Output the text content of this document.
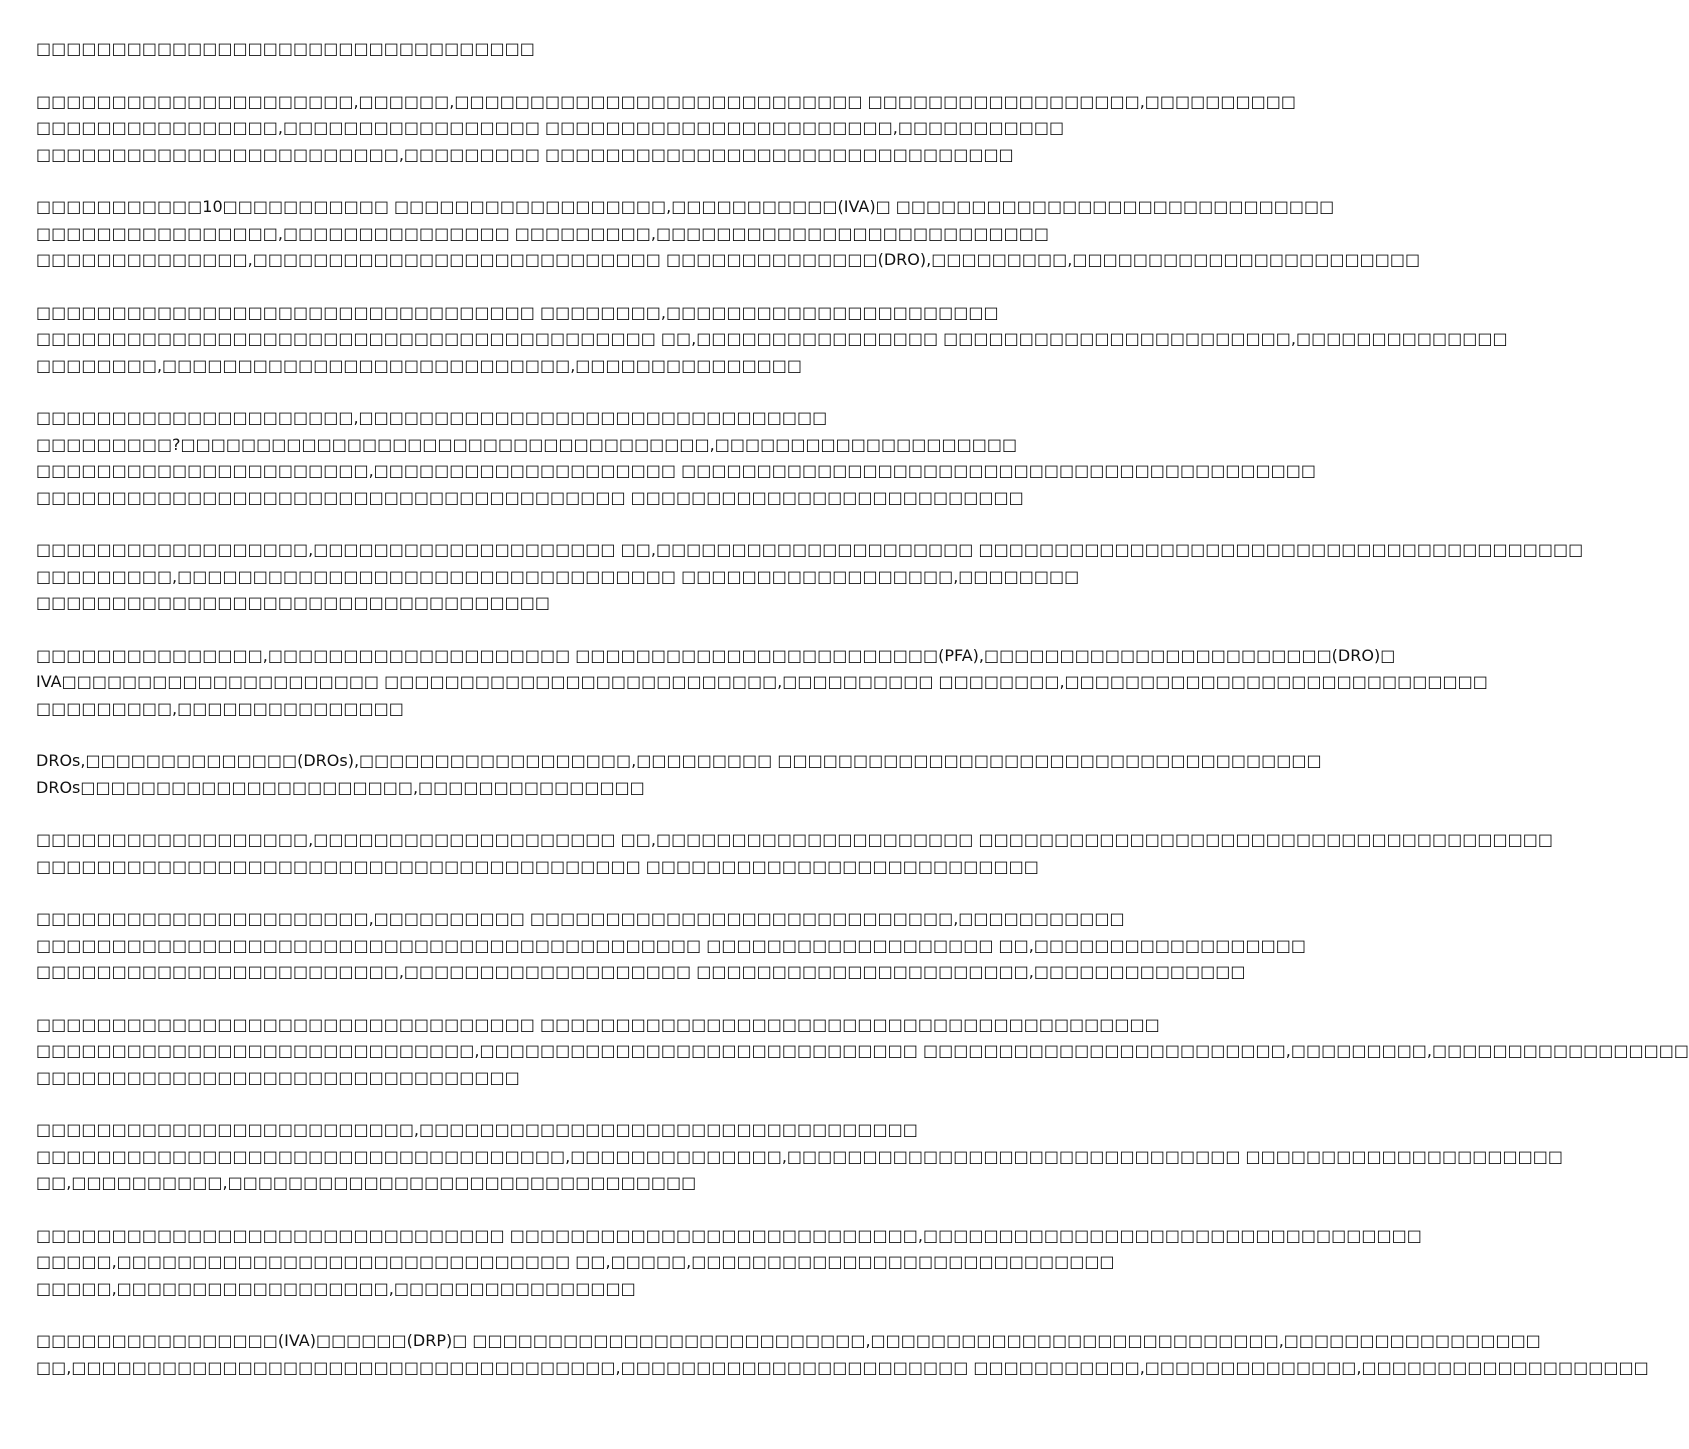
□□□□□□□□□□□□□□□□□□□□□□□□□□□□□□□□□
□□□□□□□□□□□□□□□□□□□□□,□□□□□□,□□□□□□□□□□□□□□□□□□□□□□□□□□□ □□□□□□□□□□□□□□□□□□,□□□□□□□□□□
□□□□□□□□□□□□□□□□,□□□□□□□□□□□□□□□□□ □□□□□□□□□□□□□□□□□□□□□□□,□□□□□□□□□□□
□□□□□□□□□□□□□□□□□□□□□□□□,□□□□□□□□□ □□□□□□□□□□□□□□□□□□□□□□□□□□□□□□□
□□□□□□□□□□□10□□□□□□□□□□□ □□□□□□□□□□□□□□□□□□,□□□□□□□□□□□(IVA)□ □□□□□□□□□□□□□□□□□□□□□□□□□□□□□
□□□□□□□□□□□□□□□□,□□□□□□□□□□□□□□□ □□□□□□□□□,□□□□□□□□□□□□□□□□□□□□□□□□□□
□□□□□□□□□□□□□□,□□□□□□□□□□□□□□□□□□□□□□□□□□□ □□□□□□□□□□□□□□(DRO),□□□□□□□□□,□□□□□□□□□□□□□□□□□□□□□□□
□□□□□□□□□□□□□□□□□□□□□□□□□□□□□□□□□ □□□□□□□□,□□□□□□□□□□□□□□□□□□□□□□
□□□□□□□□□□□□□□□□□□□□□□□□□□□□□□□□□□□□□□□□□ □□,□□□□□□□□□□□□□□□□ □□□□□□□□□□□□□□□□□□□□□□□,□□□□□□□□□□□□□□
□□□□□□□□,□□□□□□□□□□□□□□□□□□□□□□□□□□□,□□□□□□□□□□□□□□□
□□□□□□□□□□□□□□□□□□□□□,□□□□□□□□□□□□□□□□□□□□□□□□□□□□□□□
□□□□□□□□□?□□□□□□□□□□□□□□□□□□□□□□□□□□□□□□□□□□□,□□□□□□□□□□□□□□□□□□□□
□□□□□□□□□□□□□□□□□□□□□□,□□□□□□□□□□□□□□□□□□□□ □□□□□□□□□□□□□□□□□□□□□□□□□□□□□□□□□□□□□□□□□□
□□□□□□□□□□□□□□□□□□□□□□□□□□□□□□□□□□□□□□□ □□□□□□□□□□□□□□□□□□□□□□□□□□
□□□□□□□□□□□□□□□□□□,□□□□□□□□□□□□□□□□□□□□ □□,□□□□□□□□□□□□□□□□□□□□□ □□□□□□□□□□□□□□□□□□□□□□□□□□□□□□□□□□□□□□□□
□□□□□□□□□,□□□□□□□□□□□□□□□□□□□□□□□□□□□□□□□□□ □□□□□□□□□□□□□□□□□□,□□□□□□□□
□□□□□□□□□□□□□□□□□□□□□□□□□□□□□□□□□□
□□□□□□□□□□□□□□□,□□□□□□□□□□□□□□□□□□□□ □□□□□□□□□□□□□□□□□□□□□□□□(PFA),□□□□□□□□□□□□□□□□□□□□□□□(DRO)□
IVA□□□□□□□□□□□□□□□□□□□□□ □□□□□□□□□□□□□□□□□□□□□□□□□□,□□□□□□□□□□ □□□□□□□□,□□□□□□□□□□□□□□□□□□□□□□□□□□□□
□□□□□□□□□,□□□□□□□□□□□□□□□
DROs,□□□□□□□□□□□□□□(DROs),□□□□□□□□□□□□□□□□□□,□□□□□□□□□ □□□□□□□□□□□□□□□□□□□□□□□□□□□□□□□□□□□□
DROs□□□□□□□□□□□□□□□□□□□□□□,□□□□□□□□□□□□□□□
□□□□□□□□□□□□□□□□□□,□□□□□□□□□□□□□□□□□□□□ □□,□□□□□□□□□□□□□□□□□□□□□ □□□□□□□□□□□□□□□□□□□□□□□□□□□□□□□□□□□□□□
□□□□□□□□□□□□□□□□□□□□□□□□□□□□□□□□□□□□□□□□ □□□□□□□□□□□□□□□□□□□□□□□□□□
□□□□□□□□□□□□□□□□□□□□□□,□□□□□□□□□□ □□□□□□□□□□□□□□□□□□□□□□□□□□□□,□□□□□□□□□□□
□□□□□□□□□□□□□□□□□□□□□□□□□□□□□□□□□□□□□□□□□□□□ □□□□□□□□□□□□□□□□□□□ □□,□□□□□□□□□□□□□□□□□□
□□□□□□□□□□□□□□□□□□□□□□□□,□□□□□□□□□□□□□□□□□□□ □□□□□□□□□□□□□□□□□□□□□□,□□□□□□□□□□□□□□
□□□□□□□□□□□□□□□□□□□□□□□□□□□□□□□□□ □□□□□□□□□□□□□□□□□□□□□□□□□□□□□□□□□□□□□□□□□
□□□□□□□□□□□□□□□□□□□□□□□□□□□□□,□□□□□□□□□□□□□□□□□□□□□□□□□□□□□ □□□□□□□□□□□□□□□□□□□□□□□□,□□□□□□□□□,□□□□□□□□□□□□□□□□□
□□□□□□□□□□□□□□□□□□□□□□□□□□□□□□□□
□□□□□□□□□□□□□□□□□□□□□□□□□,□□□□□□□□□□□□□□□□□□□□□□□□□□□□□□□□□
□□□□□□□□□□□□□□□□□□□□□□□□□□□□□□□□□□□,□□□□□□□□□□□□□□,□□□□□□□□□□□□□□□□□□□□□□□□□□□□□□ □□□□□□□□□□□□□□□□□□□□□
□□,□□□□□□□□□□,□□□□□□□□□□□□□□□□□□□□□□□□□□□□□□□
□□□□□□□□□□□□□□□□□□□□□□□□□□□□□□□ □□□□□□□□□□□□□□□□□□□□□□□□□□□,□□□□□□□□□□□□□□□□□□□□□□□□□□□□□□□□□
□□□□□,□□□□□□□□□□□□□□□□□□□□□□□□□□□□□□ □□,□□□□□,□□□□□□□□□□□□□□□□□□□□□□□□□□□□
□□□□□,□□□□□□□□□□□□□□□□□□,□□□□□□□□□□□□□□□□
□□□□□□□□□□□□□□□□(IVA)□□□□□□(DRP)□ □□□□□□□□□□□□□□□□□□□□□□□□□□,□□□□□□□□□□□□□□□□□□□□□□□□□□□,□□□□□□□□□□□□□□□□□
□□,□□□□□□□□□□□□□□□□□□□□□□□□□□□□□□□□□□□□,□□□□□□□□□□□□□□□□□□□□□□□ □□□□□□□□□□□,□□□□□□□□□□□□□□,□□□□□□□□□□□□□□□□□□□
